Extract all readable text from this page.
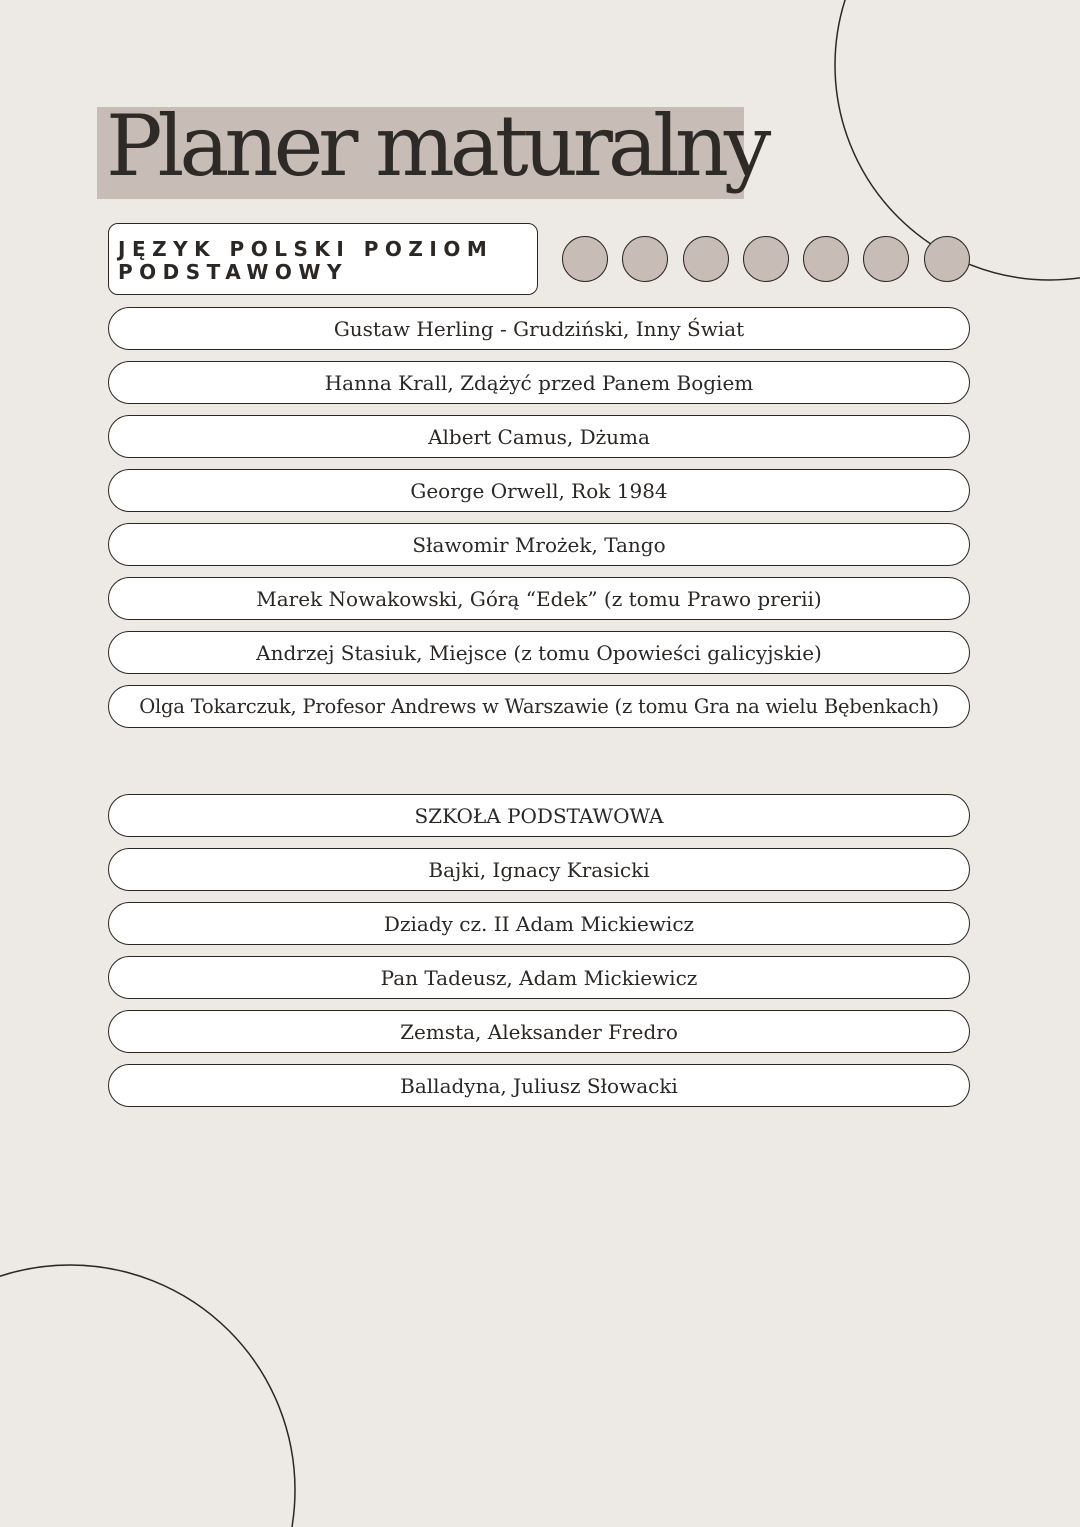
Planer maturalny
JĘZYK POLSKI POZIOM
PODSTAWOWY
Gustaw Herling - Grudziński, Inny Świat
Hanna Krall, Zdążyć przed Panem Bogiem
Albert Camus, Dżuma
George Orwell, Rok 1984
Sławomir Mrożek, Tango
Marek Nowakowski, Górą “Edek” (z tomu Prawo prerii)
Andrzej Stasiuk, Miejsce (z tomu Opowieści galicyjskie)
Olga Tokarczuk, Profesor Andrews w Warszawie (z tomu Gra na wielu Bębenkach)
SZKOŁA PODSTAWOWA
Bajki, Ignacy Krasicki
Dziady cz. II Adam Mickiewicz
Pan Tadeusz, Adam Mickiewicz
Zemsta, Aleksander Fredro
Balladyna, Juliusz Słowacki
